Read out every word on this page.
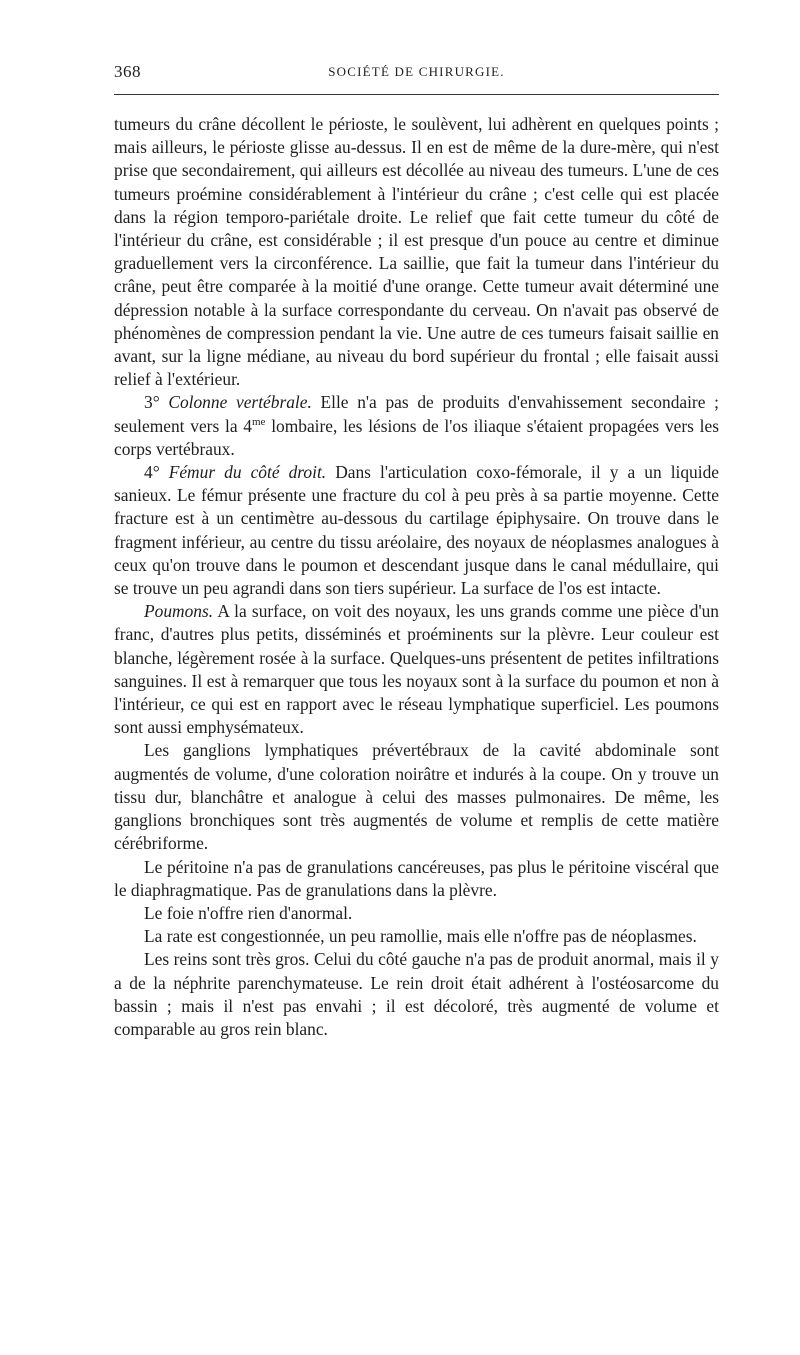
368	SOCIÉTÉ DE CHIRURGIE.

tumeurs du crâne décollent le périoste, le soulèvent, lui adhèrent en quelques points ; mais ailleurs, le périoste glisse au-dessus. Il en est de même de la dure-mère, qui n'est prise que secondairement, qui ailleurs est décollée au niveau des tumeurs. L'une de ces tumeurs proémine considérablement à l'intérieur du crâne ; c'est celle qui est placée dans la région temporo-pariétale droite. Le relief que fait cette tumeur du côté de l'intérieur du crâne, est considérable ; il est presque d'un pouce au centre et diminue graduellement vers la circonférence. La saillie, que fait la tumeur dans l'intérieur du crâne, peut être comparée à la moitié d'une orange. Cette tumeur avait déterminé une dépression notable à la surface correspondante du cerveau. On n'avait pas observé de phénomènes de compression pendant la vie. Une autre de ces tumeurs faisait saillie en avant, sur la ligne médiane, au niveau du bord supérieur du frontal ; elle faisait aussi relief à l'extérieur.

3° Colonne vertébrale. Elle n'a pas de produits d'envahissement secondaire ; seulement vers la $4^{me}$ lombaire, les lésions de l'os iliaque s'étaient propagées vers les corps vertébraux.

4° Fémur du côté droit. Dans l'articulation coxo-fémorale, il y a un liquide sanieux. Le fémur présente une fracture du col à peu près à sa partie moyenne. Cette fracture est à un centimètre au-dessous du cartilage épiphysaire. On trouve dans le fragment inférieur, au centre du tissu aréolaire, des noyaux de néoplasmes analogues à ceux qu'on trouve dans le poumon et descendant jusque dans le canal médullaire, qui se trouve un peu agrandi dans son tiers supérieur. La surface de l'os est intacte.

Poumons. A la surface, on voit des noyaux, les uns grands comme une pièce d'un franc, d'autres plus petits, disséminés et proéminents sur la plèvre. Leur couleur est blanche, légèrement rosée à la surface. Quelques-uns présentent de petites infiltrations sanguines. Il est à remarquer que tous les noyaux sont à la surface du poumon et non à l'intérieur, ce qui est en rapport avec le réseau lymphatique superficiel. Les poumons sont aussi emphysémateux.

Les ganglions lymphatiques prévertébraux de la cavité abdominale sont augmentés de volume, d'une coloration noirâtre et indurés à la coupe. On y trouve un tissu dur, blanchâtre et analogue à celui des masses pulmonaires. De même, les ganglions bronchiques sont très augmentés de volume et remplis de cette matière cérébriforme.

Le péritoine n'a pas de granulations cancéreuses, pas plus le péritoine viscéral que le diaphragmatique. Pas de granulations dans la plèvre.

Le foie n'offre rien d'anormal.

La rate est congestionnée, un peu ramollie, mais elle n'offre pas de néoplasmes.

Les reins sont très gros. Celui du côté gauche n'a pas de produit anormal, mais il y a de la néphrite parenchymateuse. Le rein droit était adhérent à l'ostéosarcome du bassin ; mais il n'est pas envahi ; il est décoloré, très augmenté de volume et comparable au gros rein blanc.
